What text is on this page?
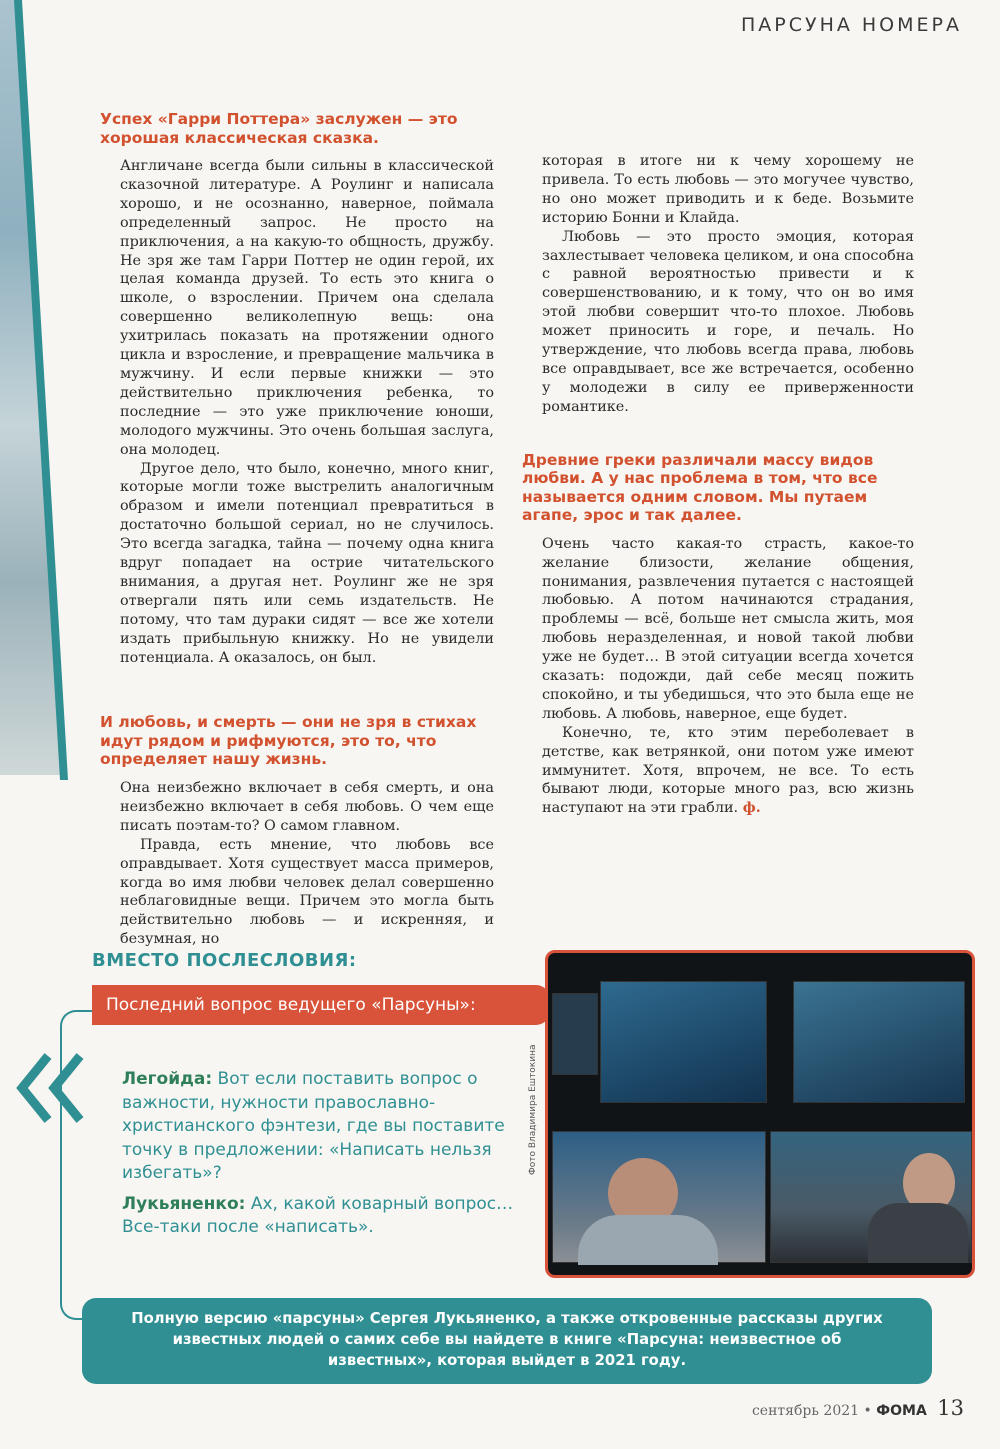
ПАРСУНА НОМЕРА
Успех «Гарри Поттера» заслужен — это хорошая классическая сказка.

Англичане всегда были сильны в классической сказочной литературе. А Роулинг и написала хорошо, и не осознанно, наверное, поймала определенный запрос. Не просто на приключения, а на какую-то общность, дружбу. Не зря же там Гарри Поттер не один герой, их целая команда друзей. То есть это книга о школе, о взрослении. Причем она сделала совершенно великолепную вещь: она ухитрилась показать на протяжении одного цикла и взросление, и превращение мальчика в мужчину. И если первые книжки — это действительно приключения ребенка, то последние — это уже приключение юноши, молодого мужчины. Это очень большая заслуга, она молодец.

Другое дело, что было, конечно, много книг, которые могли тоже выстрелить аналогичным образом и имели потенциал превратиться в достаточно большой сериал, но не случилось. Это всегда загадка, тайна — почему одна книга вдруг попадает на острие читательского внимания, а другая нет. Роулинг же не зря отвергали пять или семь издательств. Не потому, что там дураки сидят — все же хотели издать прибыльную книжку. Но не увидели потенциала. А оказалось, он был.

И любовь, и смерть — они не зря в стихах идут рядом и рифмуются, это то, что определяет нашу жизнь.

Она неизбежно включает в себя смерть, и она неизбежно включает в себя любовь. О чем еще писать поэтам-то? О самом главном.

Правда, есть мнение, что любовь все оправдывает. Хотя существует масса примеров, когда во имя любви человек делал совершенно неблаговидные вещи. Причем это могла быть действительно любовь — и искренняя, и безумная, но

которая в итоге ни к чему хорошему не привела. То есть любовь — это могучее чувство, но оно может приводить и к беде. Возьмите историю Бонни и Клайда.

Любовь — это просто эмоция, которая захлестывает человека целиком, и она способна с равной вероятностью привести и к совершенствованию, и к тому, что он во имя этой любви совершит что-то плохое. Любовь может приносить и горе, и печаль. Но утверждение, что любовь всегда права, любовь все оправдывает, все же встречается, особенно у молодежи в силу ее приверженности романтике.

Древние греки различали массу видов любви. А у нас проблема в том, что все называется одним словом. Мы путаем агапе, эрос и так далее.

Очень часто какая-то страсть, какое-то желание близости, желание общения, понимания, развлечения путается с настоящей любовью. А потом начинаются страдания, проблемы — всё, больше нет смысла жить, моя любовь неразделенная, и новой такой любви уже не будет… В этой ситуации всегда хочется сказать: подожди, дай себе месяц пожить спокойно, и ты убедишься, что это была еще не любовь. А любовь, наверное, еще будет.

Конечно, те, кто этим переболевает в детстве, как ветрянкой, они потом уже имеют иммунитет. Хотя, впрочем, не все. То есть бывают люди, которые много раз, всю жизнь наступают на эти грабли. ф.

ВМЕСТО ПОСЛЕСЛОВИЯ:
Последний вопрос ведущего «Парсуны»:

Легойда: Вот если поставить вопрос о важности, нужности православно-христианского фэнтези, где вы поставите точку в предложении: «Написать нельзя избегать»?

Лукьяненко: Ах, какой коварный вопрос… Все-таки после «написать».

Фото Владимира Ештокина
Полную версию «парсуны» Сергея Лукьяненко, а также откровенные рассказы других известных людей о самих себе вы найдете в книге «Парсуна: неизвестное об известных», которая выйдет в 2021 году.
сентябрь 2021 • ФОМА 13
